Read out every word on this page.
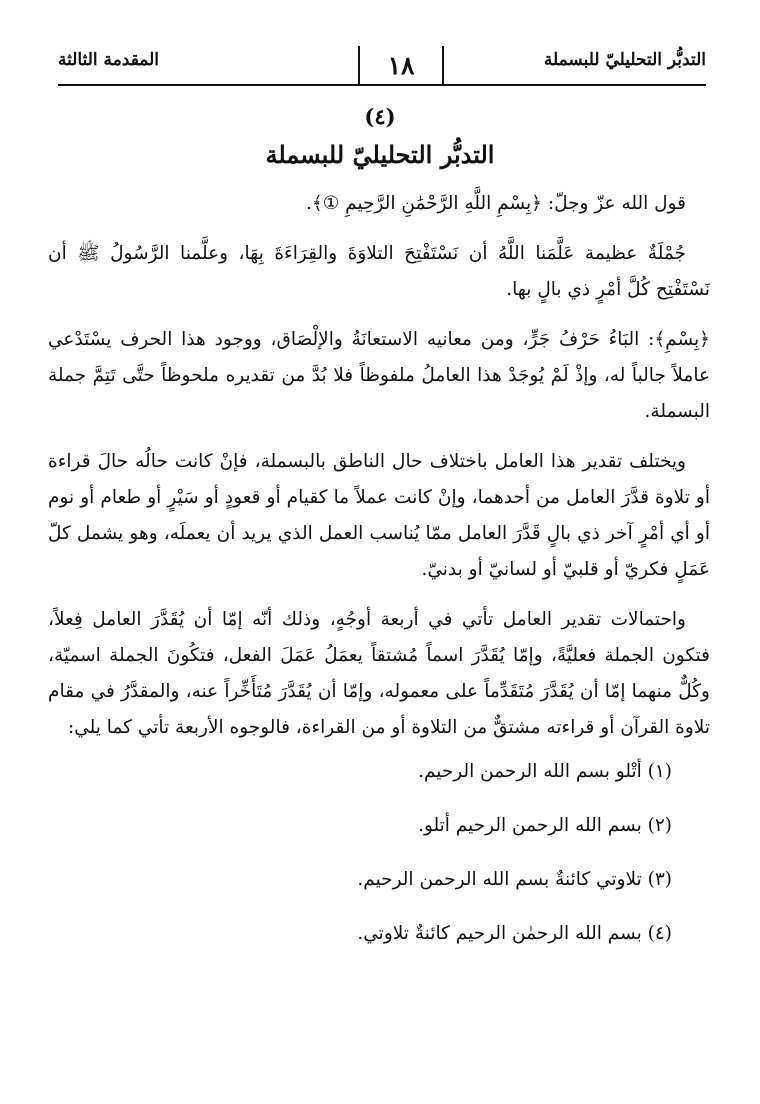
التدبُّر التحليليّ للبسملة
١٨
المقدمة الثالثة
(٤)
التدبُّر التحليليّ للبسملة

قول الله عزّ وجلّ: ﴿بِسْمِ اللَّهِ الرَّحْمَٰنِ الرَّحِيمِ ①﴾.

جُمْلَةٌ عظيمة عَلَّمَنا اللَّهُ أن نَسْتَفْتِحَ التلاوَةَ والقِرَاءَةَ بِهَا، وعلَّمنا الرَّسُولُ ﷺ أن نَسْتَفْتِح كُلَّ أمْرٍ ذي بالٍ بها.

﴿بِسْمِ﴾: البَاءُ حَرْفُ جَرٍّ، ومن معانيه الاستعانَةُ والإلْصَاق، ووجود هذا الحرف يسْتَدْعي عاملاً جالباً له، وإذْ لَمْ يُوجَدْ هذا العاملُ ملفوظاً فلا بُدَّ من تقديره ملحوظاً حتَّى تَتِمَّ جملة البسملة.

ويختلف تقدير هذا العامل باختلاف حال الناطق بالبسملة، فإنْ كانت حالُه حالَ قراءة أو تلاوة قدَّرَ العامل من أحدهما، وإنْ كانت عملاً ما كقيام أو قعودٍ أو سَيْرٍ أو طعام أو نوم أو أي أمْرٍ آخر ذي بالٍ قَدَّرَ العامل ممّا يُناسب العمل الذي يريد أن يعملَه، وهو يشمل كلّ عَمَلٍ فكريّ أو قلبيّ أو لسانيّ أو بدنيّ.

واحتمالات تقدير العامل تأتي في أربعة أوجُهٍ، وذلك أنّه إمّا أن يُقَدَّرَ العامل فِعلاً، فتكون الجملة فعليَّةً، وإمّا يُقَدَّرَ اسماً مُشتقاً يعمَلُ عَمَلَ الفعل، فتكُونَ الجملة اسميّة، وكُلٌّ منهما إمّا أن يُقَدَّرَ مُتَقَدِّماً على معموله، وإمّا أن يُقَدَّرَ مُتَأَخِّراً عنه، والمقدَّرُ في مقام تلاوة القرآن أو قراءته مشتقٌّ من التلاوة أو من القراءة، فالوجوه الأربعة تأتي كما يلي:

(١) أتْلو بسم الله الرحمن الرحيم.

(٢) بسم الله الرحمن الرحيم أتلو.

(٣) تلاوتي كائنةٌ بسم الله الرحمن الرحيم.

(٤) بسم الله الرحمٰن الرحيم كائنةٌ تلاوتي.
